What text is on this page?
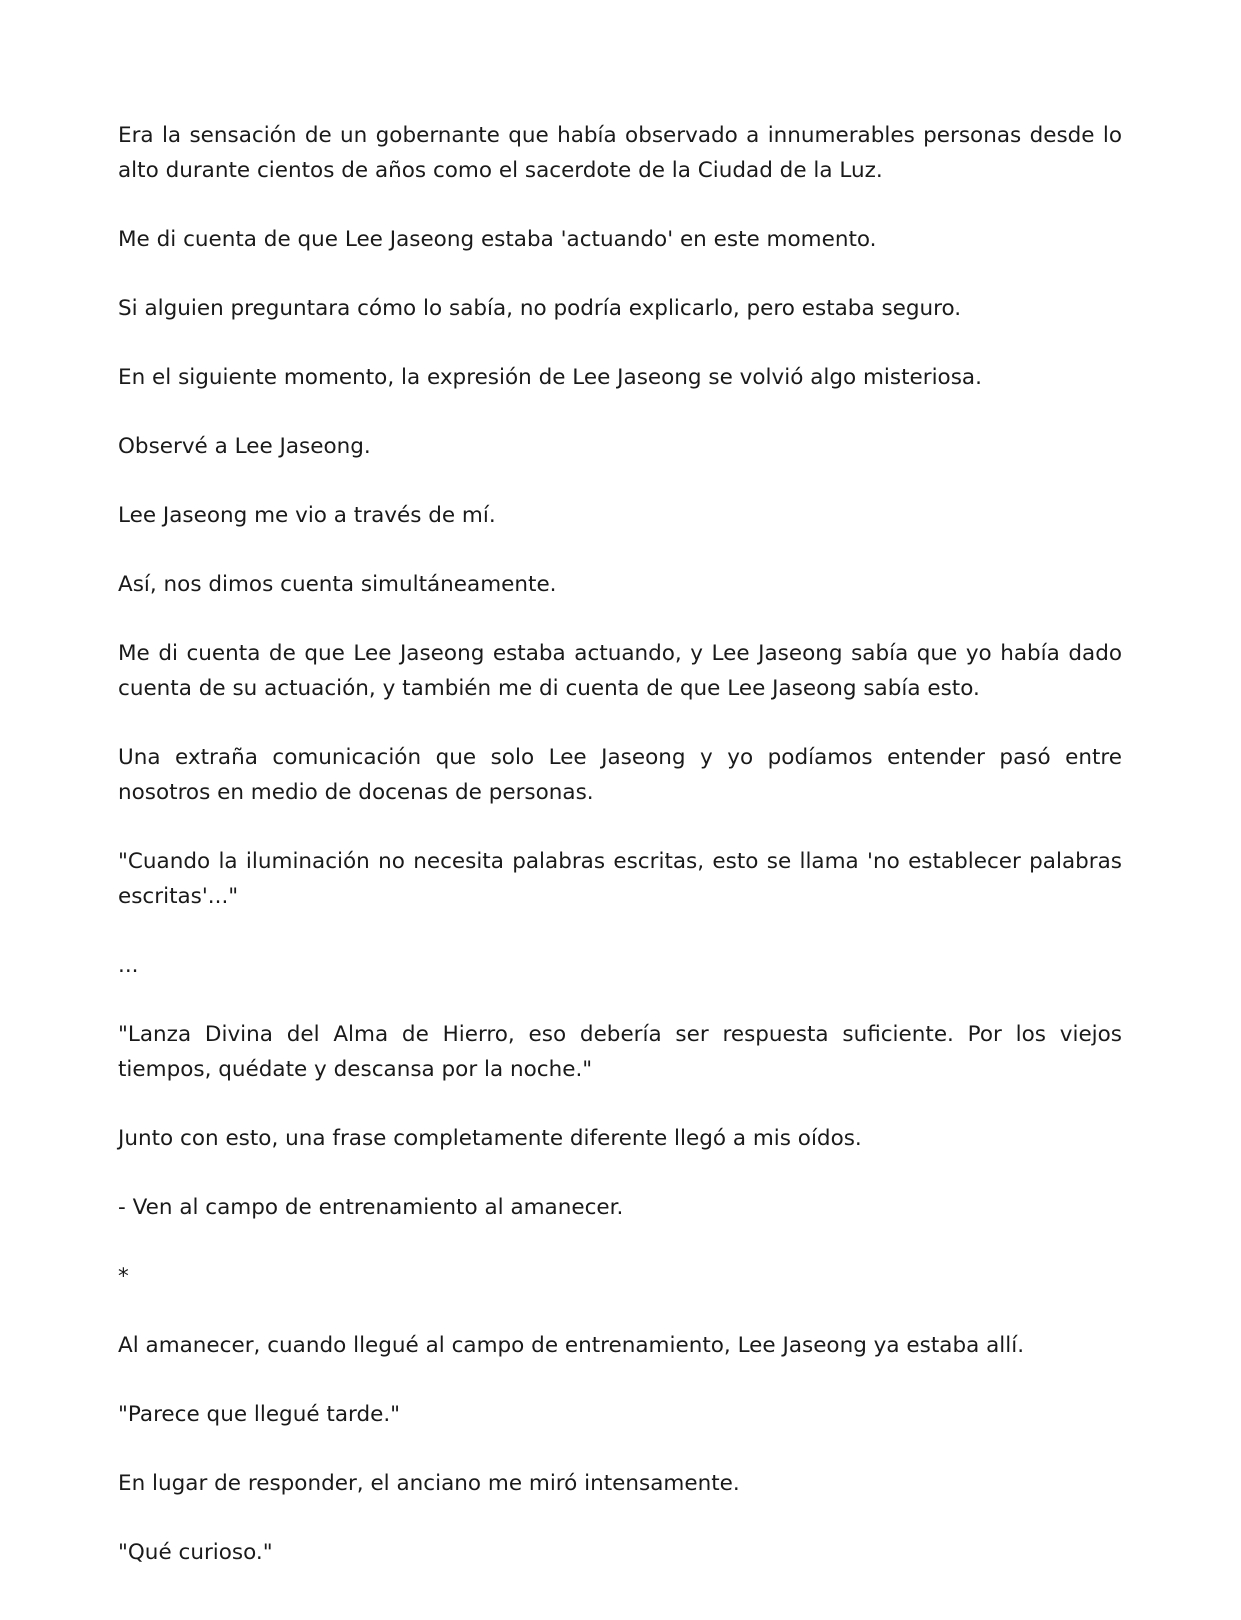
Era la sensación de un gobernante que había observado a innumerables personas desde lo alto durante cientos de años como el sacerdote de la Ciudad de la Luz.

Me di cuenta de que Lee Jaseong estaba 'actuando' en este momento.

Si alguien preguntara cómo lo sabía, no podría explicarlo, pero estaba seguro.

En el siguiente momento, la expresión de Lee Jaseong se volvió algo misteriosa.

Observé a Lee Jaseong.

Lee Jaseong me vio a través de mí.

Así, nos dimos cuenta simultáneamente.

Me di cuenta de que Lee Jaseong estaba actuando, y Lee Jaseong sabía que yo había dado cuenta de su actuación, y también me di cuenta de que Lee Jaseong sabía esto.

Una extraña comunicación que solo Lee Jaseong y yo podíamos entender pasó entre nosotros en medio de docenas de personas.

"Cuando la iluminación no necesita palabras escritas, esto se llama 'no establecer palabras escritas'..."

...

"Lanza Divina del Alma de Hierro, eso debería ser respuesta suficiente. Por los viejos tiempos, quédate y descansa por la noche."

Junto con esto, una frase completamente diferente llegó a mis oídos.

- Ven al campo de entrenamiento al amanecer.

*

Al amanecer, cuando llegué al campo de entrenamiento, Lee Jaseong ya estaba allí.

"Parece que llegué tarde."

En lugar de responder, el anciano me miró intensamente.

"Qué curioso."
